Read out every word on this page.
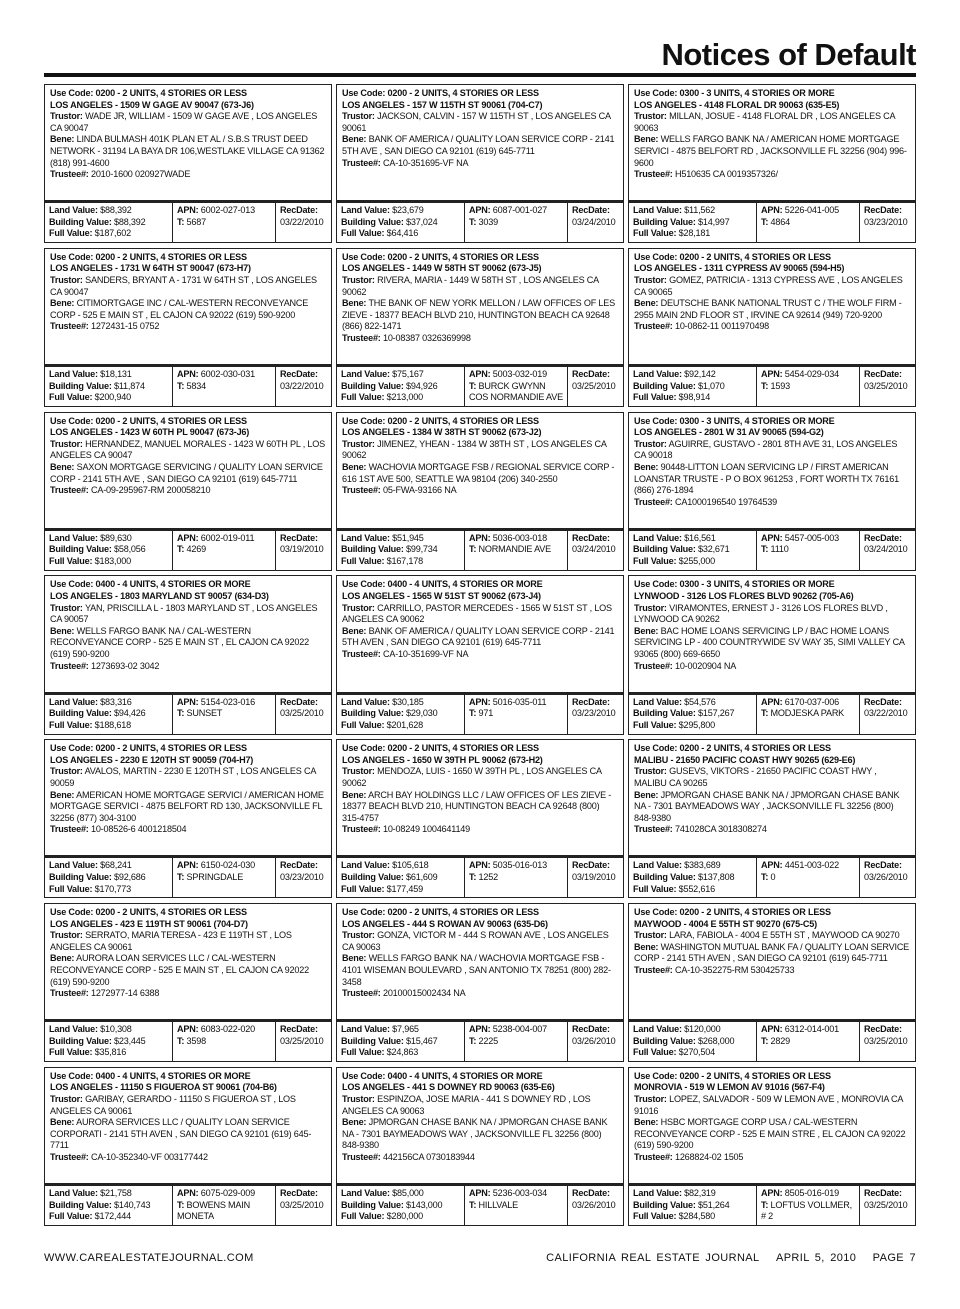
Notices of Default
Use Code: 0200 - 2 UNITS, 4 STORIES OR LESS
LOS ANGELES - 1509 W GAGE AV 90047 (673-J6)
Trustor: WADE JR, WILLIAM - 1509 W GAGE AVE , LOS ANGELES CA 90047
Bene: LINDA BULMASH 401K PLAN ET AL / S.B.S TRUST DEED NETWORK - 31194 LA BAYA DR 106,WESTLAKE VILLAGE CA 91362 (818) 991-4600
Trustee#: 2010-1600 020927WADE
Land Value: $88,392
Building Value: $88,392
Full Value: $187,602
APN: 6002-027-013
T: 5687
RecDate:
03/22/2010
Use Code: 0200 - 2 UNITS, 4 STORIES OR LESS
LOS ANGELES - 157 W 115TH ST 90061 (704-C7)
Trustor: JACKSON, CALVIN - 157 W 115TH ST , LOS ANGELES CA 90061
Bene: BANK OF AMERICA / QUALITY LOAN SERVICE CORP - 2141 5TH AVE , SAN DIEGO CA 92101 (619) 645-7711
Trustee#: CA-10-351695-VF NA
Land Value: $23,679
Building Value: $37,024
Full Value: $64,416
APN: 6087-001-027
T: 3039
RecDate:
03/24/2010
Use Code: 0300 - 3 UNITS, 4 STORIES OR MORE
LOS ANGELES - 4148 FLORAL DR 90063 (635-E5)
Trustor: MILLAN, JOSUE - 4148 FLORAL DR , LOS ANGELES CA 90063
Bene: WELLS FARGO BANK NA / AMERICAN HOME MORTGAGE SERVICI - 4875 BELFORT RD , JACKSONVILLE FL 32256 (904) 996-9600
Trustee#: H510635 CA 0019357326/
Land Value: $11,562
Building Value: $14,997
Full Value: $28,181
APN: 5226-041-005
T: 4864
RecDate:
03/23/2010
Use Code: 0200 - 2 UNITS, 4 STORIES OR LESS
LOS ANGELES - 1731 W 64TH ST 90047 (673-H7)
Trustor: SANDERS, BRYANT A - 1731 W 64TH ST , LOS ANGELES CA 90047
Bene: CITIMORTGAGE INC / CAL-WESTERN RECONVEYANCE CORP - 525 E MAIN ST , EL CAJON CA 92022 (619) 590-9200
Trustee#: 1272431-15 0752
Land Value: $18,131
Building Value: $11,874
Full Value: $200,940
APN: 6002-030-031
T: 5834
RecDate:
03/22/2010
Use Code: 0200 - 2 UNITS, 4 STORIES OR LESS
LOS ANGELES - 1449 W 58TH ST 90062 (673-J5)
Trustor: RIVERA, MARIA - 1449 W 58TH ST , LOS ANGELES CA 90062
Bene: THE BANK OF NEW YORK MELLON / LAW OFFICES OF LES ZIEVE - 18377 BEACH BLVD 210, HUNTINGTON BEACH CA 92648 (866) 822-1471
Trustee#: 10-08387 0326369998
Land Value: $75,167
Building Value: $94,926
Full Value: $213,000
APN: 5003-032-019
T: BURCK GWYNN COS NORMANDIE AVE
RecDate:
03/25/2010
Use Code: 0200 - 2 UNITS, 4 STORIES OR LESS
LOS ANGELES - 1311 CYPRESS AV 90065 (594-H5)
Trustor: GOMEZ, PATRICIA - 1313 CYPRESS AVE , LOS ANGELES CA 90065
Bene: DEUTSCHE BANK NATIONAL TRUST C / THE WOLF FIRM - 2955 MAIN 2ND FLOOR ST , IRVINE CA 92614 (949) 720-9200
Trustee#: 10-0862-11 0011970498
Land Value: $92,142
Building Value: $1,070
Full Value: $98,914
APN: 5454-029-034
T: 1593
RecDate:
03/25/2010
Use Code: 0200 - 2 UNITS, 4 STORIES OR LESS
LOS ANGELES - 1423 W 60TH PL 90047 (673-J6)
Trustor: HERNANDEZ, MANUEL MORALES - 1423 W 60TH PL , LOS ANGELES CA 90047
Bene: SAXON MORTGAGE SERVICING / QUALITY LOAN SERVICE CORP - 2141 5TH AVE , SAN DIEGO CA 92101 (619) 645-7711
Trustee#: CA-09-295967-RM 200058210
Land Value: $89,630
Building Value: $58,056
Full Value: $183,000
APN: 6002-019-011
T: 4269
RecDate:
03/19/2010
Use Code: 0200 - 2 UNITS, 4 STORIES OR LESS
LOS ANGELES - 1384 W 38TH ST 90062 (673-J2)
Trustor: JIMENEZ, YHEAN - 1384 W 38TH ST , LOS ANGELES CA 90062
Bene: WACHOVIA MORTGAGE FSB / REGIONAL SERVICE CORP - 616 1ST AVE 500, SEATTLE WA 98104 (206) 340-2550
Trustee#: 05-FWA-93166 NA
Land Value: $51,945
Building Value: $99,734
Full Value: $167,178
APN: 5036-003-018
T: NORMANDIE AVE
RecDate:
03/24/2010
Use Code: 0300 - 3 UNITS, 4 STORIES OR MORE
LOS ANGELES - 2801 W 31 AV 90065 (594-G2)
Trustor: AGUIRRE, GUSTAVO - 2801 8TH AVE 31, LOS ANGELES CA 90018
Bene: 90448-LITTON LOAN SERVICING LP / FIRST AMERICAN LOANSTAR TRUSTE - P O BOX 961253 , FORT WORTH TX 76161 (866) 276-1894
Trustee#: CA1000196540 19764539
Land Value: $16,561
Building Value: $32,671
Full Value: $255,000
APN: 5457-005-003
T: 1110
RecDate:
03/24/2010
Use Code: 0400 - 4 UNITS, 4 STORIES OR MORE
LOS ANGELES - 1803 MARYLAND ST 90057 (634-D3)
Trustor: YAN, PRISCILLA L - 1803 MARYLAND ST , LOS ANGELES CA 90057
Bene: WELLS FARGO BANK NA / CAL-WESTERN RECONVEYANCE CORP - 525 E MAIN ST , EL CAJON CA 92022 (619) 590-9200
Trustee#: 1273693-02 3042
Land Value: $83,316
Building Value: $94,426
Full Value: $188,618
APN: 5154-023-016
T: SUNSET
RecDate:
03/25/2010
Use Code: 0400 - 4 UNITS, 4 STORIES OR MORE
LOS ANGELES - 1565 W 51ST ST 90062 (673-J4)
Trustor: CARRILLO, PASTOR MERCEDES - 1565 W 51ST ST , LOS ANGELES CA 90062
Bene: BANK OF AMERICA / QUALITY LOAN SERVICE CORP - 2141 5TH AVEN , SAN DIEGO CA 92101 (619) 645-7711
Trustee#: CA-10-351699-VF NA
Land Value: $30,185
Building Value: $29,030
Full Value: $201,628
APN: 5016-035-011
T: 971
RecDate:
03/23/2010
Use Code: 0300 - 3 UNITS, 4 STORIES OR MORE
LYNWOOD - 3126 LOS FLORES BLVD 90262 (705-A6)
Trustor: VIRAMONTES, ERNEST J - 3126 LOS FLORES BLVD , LYNWOOD CA 90262
Bene: BAC HOME LOANS SERVICING LP / BAC HOME LOANS SERVICING LP - 400 COUNTRYWIDE SV WAY 35, SIMI VALLEY CA 93065 (800) 669-6650
Trustee#: 10-0020904 NA
Land Value: $54,576
Building Value: $157,267
Full Value: $295,800
APN: 6170-037-006
T: MODJESKA PARK
RecDate:
03/22/2010
Use Code: 0200 - 2 UNITS, 4 STORIES OR LESS
LOS ANGELES - 2230 E 120TH ST 90059 (704-H7)
Trustor: AVALOS, MARTIN - 2230 E 120TH ST , LOS ANGELES CA 90059
Bene: AMERICAN HOME MORTGAGE SERVICI / AMERICAN HOME MORTGAGE SERVICI - 4875 BELFORT RD 130, JACKSONVILLE FL 32256 (877) 304-3100
Trustee#: 10-08526-6 4001218504
Land Value: $68,241
Building Value: $92,686
Full Value: $170,773
APN: 6150-024-030
T: SPRINGDALE
RecDate:
03/23/2010
Use Code: 0200 - 2 UNITS, 4 STORIES OR LESS
LOS ANGELES - 1650 W 39TH PL 90062 (673-H2)
Trustor: MENDOZA, LUIS - 1650 W 39TH PL , LOS ANGELES CA 90062
Bene: ARCH BAY HOLDINGS LLC / LAW OFFICES OF LES ZIEVE - 18377 BEACH BLVD 210, HUNTINGTON BEACH CA 92648 (800) 315-4757
Trustee#: 10-08249 1004641149
Land Value: $105,618
Building Value: $61,609
Full Value: $177,459
APN: 5035-016-013
T: 1252
RecDate:
03/19/2010
Use Code: 0200 - 2 UNITS, 4 STORIES OR LESS
MALIBU - 21650 PACIFIC COAST HWY 90265 (629-E6)
Trustor: GUSEVS, VIKTORS - 21650 PACIFIC COAST HWY , MALIBU CA 90265
Bene: JPMORGAN CHASE BANK NA / JPMORGAN CHASE BANK NA - 7301 BAYMEADOWS WAY , JACKSONVILLE FL 32256 (800) 848-9380
Trustee#: 741028CA 3018308274
Land Value: $383,689
Building Value: $137,808
Full Value: $552,616
APN: 4451-003-022
T: 0
RecDate:
03/26/2010
Use Code: 0200 - 2 UNITS, 4 STORIES OR LESS
LOS ANGELES - 423 E 119TH ST 90061 (704-D7)
Trustor: SERRATO, MARIA TERESA - 423 E 119TH ST , LOS ANGELES CA 90061
Bene: AURORA LOAN SERVICES LLC / CAL-WESTERN RECONVEYANCE CORP - 525 E MAIN ST , EL CAJON CA 92022 (619) 590-9200
Trustee#: 1272977-14 6388
Land Value: $10,308
Building Value: $23,445
Full Value: $35,816
APN: 6083-022-020
T: 3598
RecDate:
03/25/2010
Use Code: 0200 - 2 UNITS, 4 STORIES OR LESS
LOS ANGELES - 444 S ROWAN AV 90063 (635-D6)
Trustor: GONZA, VICTOR M - 444 S ROWAN AVE , LOS ANGELES CA 90063
Bene: WELLS FARGO BANK NA / WACHOVIA MORTGAGE FSB - 4101 WISEMAN BOULEVARD , SAN ANTONIO TX 78251 (800) 282-3458
Trustee#: 20100015002434 NA
Land Value: $7,965
Building Value: $15,467
Full Value: $24,863
APN: 5238-004-007
T: 2225
RecDate:
03/26/2010
Use Code: 0200 - 2 UNITS, 4 STORIES OR LESS
MAYWOOD - 4004 E 55TH ST 90270 (675-C5)
Trustor: LARA, FABIOLA - 4004 E 55TH ST , MAYWOOD CA 90270
Bene: WASHINGTON MUTUAL BANK FA / QUALITY LOAN SERVICE CORP - 2141 5TH AVEN , SAN DIEGO CA 92101 (619) 645-7711
Trustee#: CA-10-352275-RM 530425733
Land Value: $120,000
Building Value: $268,000
Full Value: $270,504
APN: 6312-014-001
T: 2829
RecDate:
03/25/2010
Use Code: 0400 - 4 UNITS, 4 STORIES OR MORE
LOS ANGELES - 11150 S FIGUEROA ST 90061 (704-B6)
Trustor: GARIBAY, GERARDO - 11150 S FIGUEROA ST , LOS ANGELES CA 90061
Bene: AURORA SERVICES LLC / QUALITY LOAN SERVICE CORPORATI - 2141 5TH AVEN , SAN DIEGO CA 92101 (619) 645-7711
Trustee#: CA-10-352340-VF 003177442
Land Value: $21,758
Building Value: $140,743
Full Value: $172,444
APN: 6075-029-009
T: BOWENS MAIN MONETA
RecDate:
03/25/2010
Use Code: 0400 - 4 UNITS, 4 STORIES OR MORE
LOS ANGELES - 441 S DOWNEY RD 90063 (635-E6)
Trustor: ESPINZOA, JOSE MARIA - 441 S DOWNEY RD , LOS ANGELES CA 90063
Bene: JPMORGAN CHASE BANK NA / JPMORGAN CHASE BANK NA - 7301 BAYMEADOWS WAY , JACKSONVILLE FL 32256 (800) 848-9380
Trustee#: 442156CA 0730183944
Land Value: $85,000
Building Value: $143,000
Full Value: $280,000
APN: 5236-003-034
T: HILLVALE
RecDate:
03/26/2010
Use Code: 0200 - 2 UNITS, 4 STORIES OR LESS
MONROVIA - 519 W LEMON AV 91016 (567-F4)
Trustor: LOPEZ, SALVADOR - 509 W LEMON AVE , MONROVIA CA 91016
Bene: HSBC MORTGAGE CORP USA / CAL-WESTERN RECONVEYANCE CORP - 525 E MAIN STRE , EL CAJON CA 92022 (619) 590-9200
Trustee#: 1268824-02 1505
Land Value: $82,319
Building Value: $51,264
Full Value: $284,580
APN: 8505-016-019
T: LOFTUS VOLLMER, # 2
RecDate:
03/25/2010
WWW.CAREALESTATEJOURNAL.COM	CALIFORNIA REAL ESTATE JOURNAL APRIL 5, 2010 PAGE 7
